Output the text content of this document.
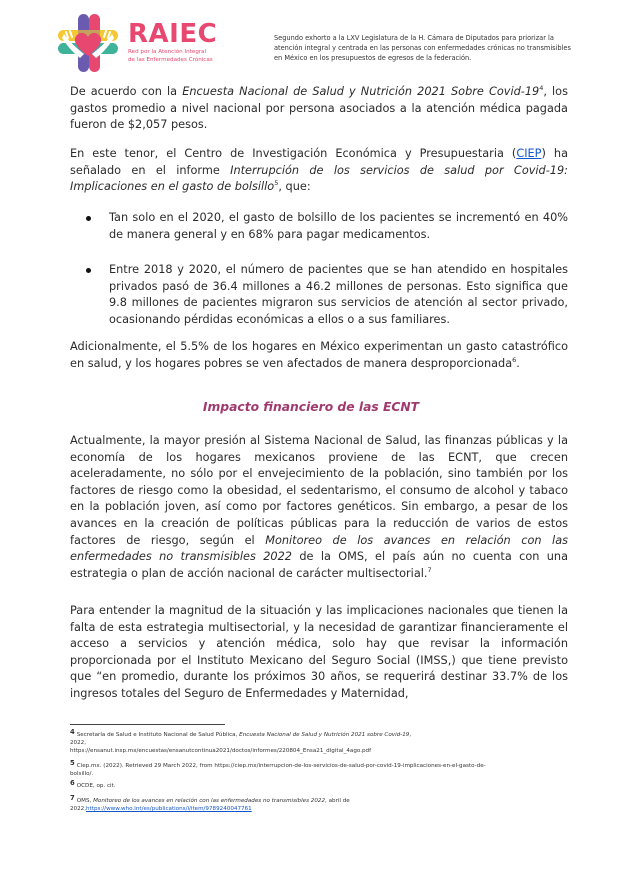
RAIEC
Red por la Atención Integral
de las Enfermedades Crónicas
Segundo exhorto a la LXV Legislatura de la H. Cámara de Diputados para priorizar la atención integral y centrada en las personas con enfermedades crónicas no transmisibles en México en los presupuestos de egresos de la federación.
De acuerdo con la Encuesta Nacional de Salud y Nutrición 2021 Sobre Covid-$19^4$, los gastos promedio a nivel nacional por persona asociados a la atención médica pagada fueron de $2,057 pesos.
En este tenor, el Centro de Investigación Económica y Presupuestaria (CIEP) ha señalado en el informe Interrupción de los servicios de salud por Covid-19: Implicaciones en el gasto de bolsillo$^5$, que:
Tan solo en el 2020, el gasto de bolsillo de los pacientes se incrementó en 40% de manera general y en 68% para pagar medicamentos.
Entre 2018 y 2020, el número de pacientes que se han atendido en hospitales privados pasó de 36.4 millones a 46.2 millones de personas. Esto significa que 9.8 millones de pacientes migraron sus servicios de atención al sector privado, ocasionando pérdidas económicas a ellos o a sus familiares.
Adicionalmente, el 5.5% de los hogares en México experimentan un gasto catastrófico en salud, y los hogares pobres se ven afectados de manera desproporcionada$^6$.
Impacto financiero de las ECNT
Actualmente, la mayor presión al Sistema Nacional de Salud, las finanzas públicas y la economía de los hogares mexicanos proviene de las ECNT, que crecen aceleradamente, no sólo por el envejecimiento de la población, sino también por los factores de riesgo como la obesidad, el sedentarismo, el consumo de alcohol y tabaco en la población joven, así como por factores genéticos. Sin embargo, a pesar de los avances en la creación de políticas públicas para la reducción de varios de estos factores de riesgo, según el Monitoreo de los avances en relación con las enfermedades no transmisibles 2022 de la OMS, el país aún no cuenta con una estrategia o plan de acción nacional de carácter multisectorial.$^7$
Para entender la magnitud de la situación y las implicaciones nacionales que tienen la falta de esta estrategia multisectorial, y la necesidad de garantizar financieramente el acceso a servicios y atención médica, solo hay que revisar la información proporcionada por el Instituto Mexicano del Seguro Social (IMSS,) que tiene previsto que “en promedio, durante los próximos 30 años, se requerirá destinar 33.7% de los ingresos totales del Seguro de Enfermedades y Maternidad,
4 Secretaría de Salud e Instituto Nacional de Salud Pública, Encuesta Nacional de Salud y Nutrición 2021 sobre Covid-19,
2022,
https://ensanut.insp.mx/encuestas/ensanutcontinua2021/doctos/informes/220804_Ensa21_digital_4ago.pdf
5 Ciep.mx. (2022). Retrieved 29 March 2022, from https://ciep.mx/interrupcion-de-los-servicios-de-salud-por-covid-19-implicaciones-en-el-gasto-de-
bolsillo/.
6 OCDE, op. cit.
7 OMS, Monitoreo de los avances en relación con las enfermedades no transmisibles 2022, abril de
2022,https://www.who.int/es/publications/i/item/9789240047761
